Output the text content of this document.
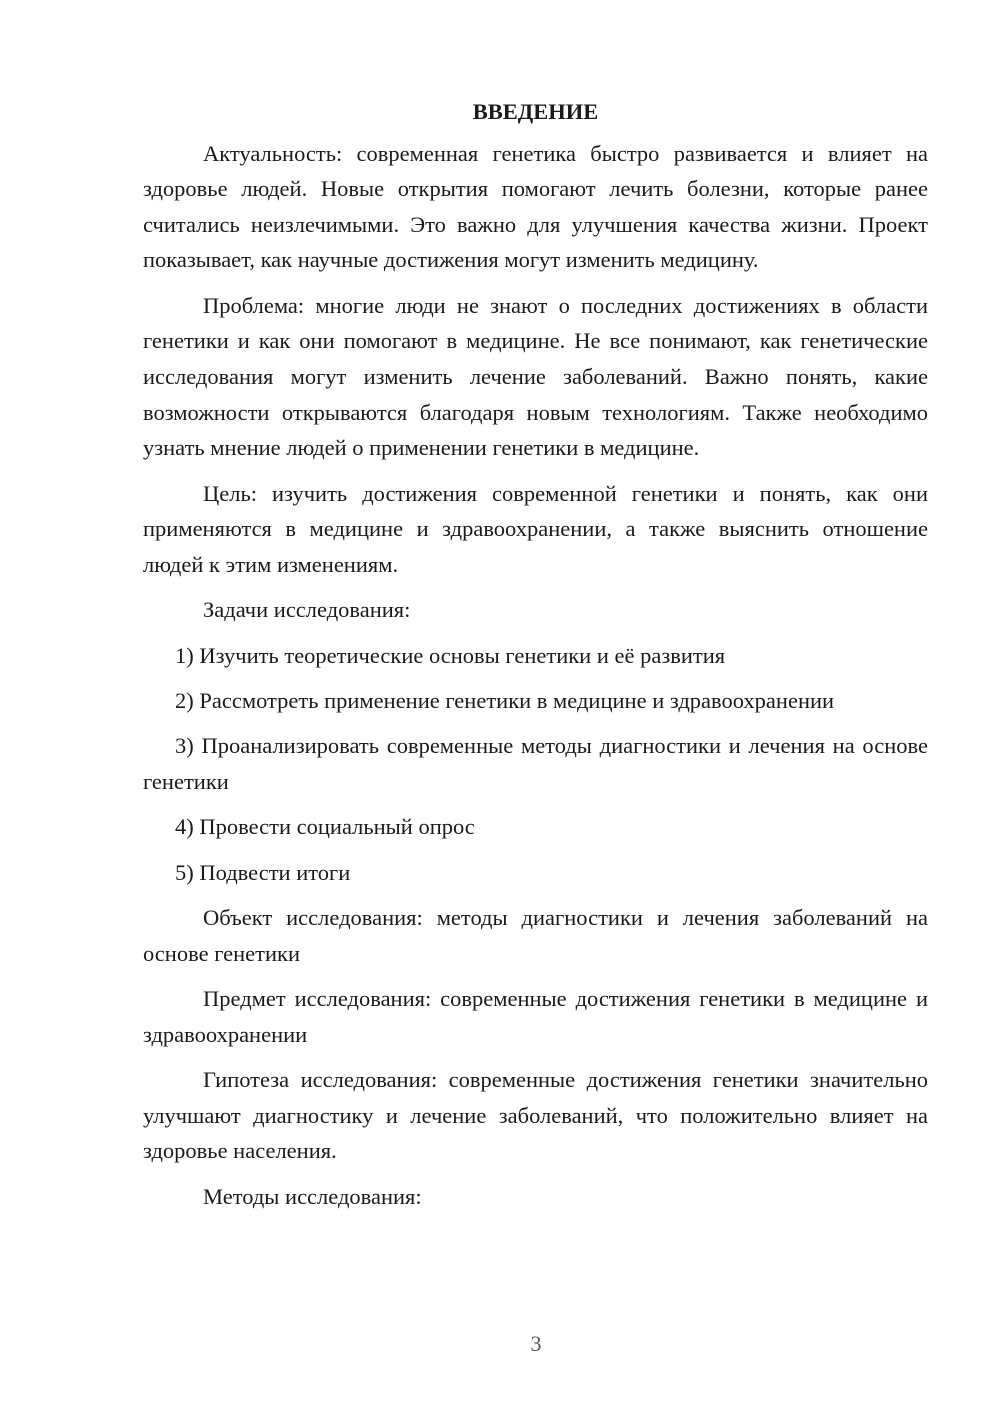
ВВЕДЕНИЕ

Актуальность: современная генетика быстро развивается и влияет на здоровье людей. Новые открытия помогают лечить болезни, которые ранее считались неизлечимыми. Это важно для улучшения качества жизни. Проект показывает, как научные достижения могут изменить медицину.

Проблема: многие люди не знают о последних достижениях в области генетики и как они помогают в медицине. Не все понимают, как генетические исследования могут изменить лечение заболеваний. Важно понять, какие возможности открываются благодаря новым технологиям. Также необходимо узнать мнение людей о применении генетики в медицине.

Цель: изучить достижения современной генетики и понять, как они применяются в медицине и здравоохранении, а также выяснить отношение людей к этим изменениям.

Задачи исследования:

1) Изучить теоретические основы генетики и её развития

2) Рассмотреть применение генетики в медицине и здравоохранении

3) Проанализировать современные методы диагностики и лечения на основе генетики

4) Провести социальный опрос

5) Подвести итоги

Объект исследования: методы диагностики и лечения заболеваний на основе генетики

Предмет исследования: современные достижения генетики в медицине и здравоохранении

Гипотеза исследования: современные достижения генетики значительно улучшают диагностику и лечение заболеваний, что положительно влияет на здоровье населения.

Методы исследования:

3
